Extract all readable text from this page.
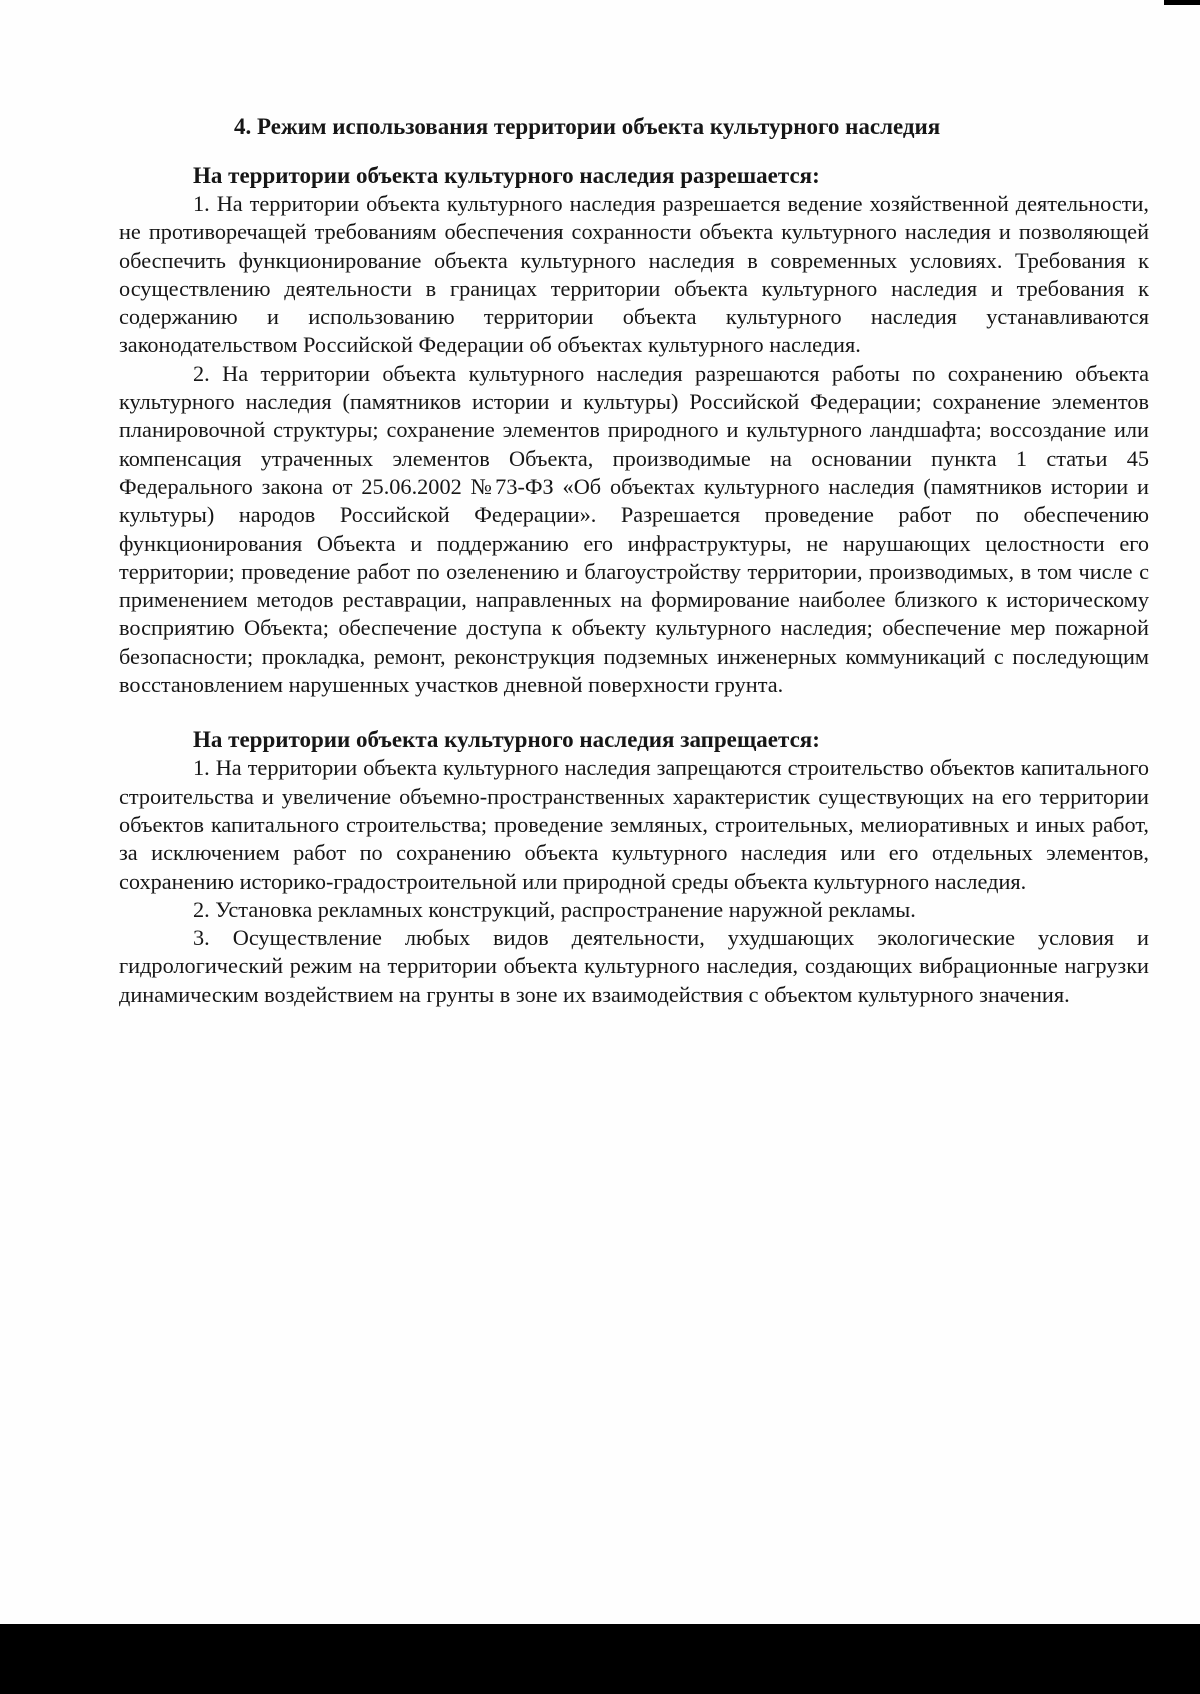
4. Режим использования территории объекта культурного наследия
На территории объекта культурного наследия разрешается:

1. На территории объекта культурного наследия разрешается ведение хозяйственной деятельности, не противоречащей требованиям обеспечения сохранности объекта культурного наследия и позволяющей обеспечить функционирование объекта культурного наследия в современных условиях. Требования к осуществлению деятельности в границах территории объекта культурного наследия и требования к содержанию и использованию территории объекта культурного наследия устанавливаются законодательством Российской Федерации об объектах культурного наследия.

2. На территории объекта культурного наследия разрешаются работы по сохранению объекта культурного наследия (памятников истории и культуры) Российской Федерации; сохранение элементов планировочной структуры; сохранение элементов природного и культурного ландшафта; воссоздание или компенсация утраченных элементов Объекта, производимые на основании пункта 1 статьи 45 Федерального закона от 25.06.2002 №73-ФЗ «Об объектах культурного наследия (памятников истории и культуры) народов Российской Федерации». Разрешается проведение работ по обеспечению функционирования Объекта и поддержанию его инфраструктуры, не нарушающих целостности его территории; проведение работ по озеленению и благоустройству территории, производимых, в том числе с применением методов реставрации, направленных на формирование наиболее близкого к историческому восприятию Объекта; обеспечение доступа к объекту культурного наследия; обеспечение мер пожарной безопасности; прокладка, ремонт, реконструкция подземных инженерных коммуникаций с последующим восстановлением нарушенных участков дневной поверхности грунта.

На территории объекта культурного наследия запрещается:

1. На территории объекта культурного наследия запрещаются строительство объектов капитального строительства и увеличение объемно-пространственных характеристик существующих на его территории объектов капитального строительства; проведение земляных, строительных, мелиоративных и иных работ, за исключением работ по сохранению объекта культурного наследия или его отдельных элементов, сохранению историко-градостроительной или природной среды объекта культурного наследия.

2. Установка рекламных конструкций, распространение наружной рекламы.

3. Осуществление любых видов деятельности, ухудшающих экологические условия и гидрологический режим на территории объекта культурного наследия, создающих вибрационные нагрузки динамическим воздействием на грунты в зоне их взаимодействия с объектом культурного значения.
